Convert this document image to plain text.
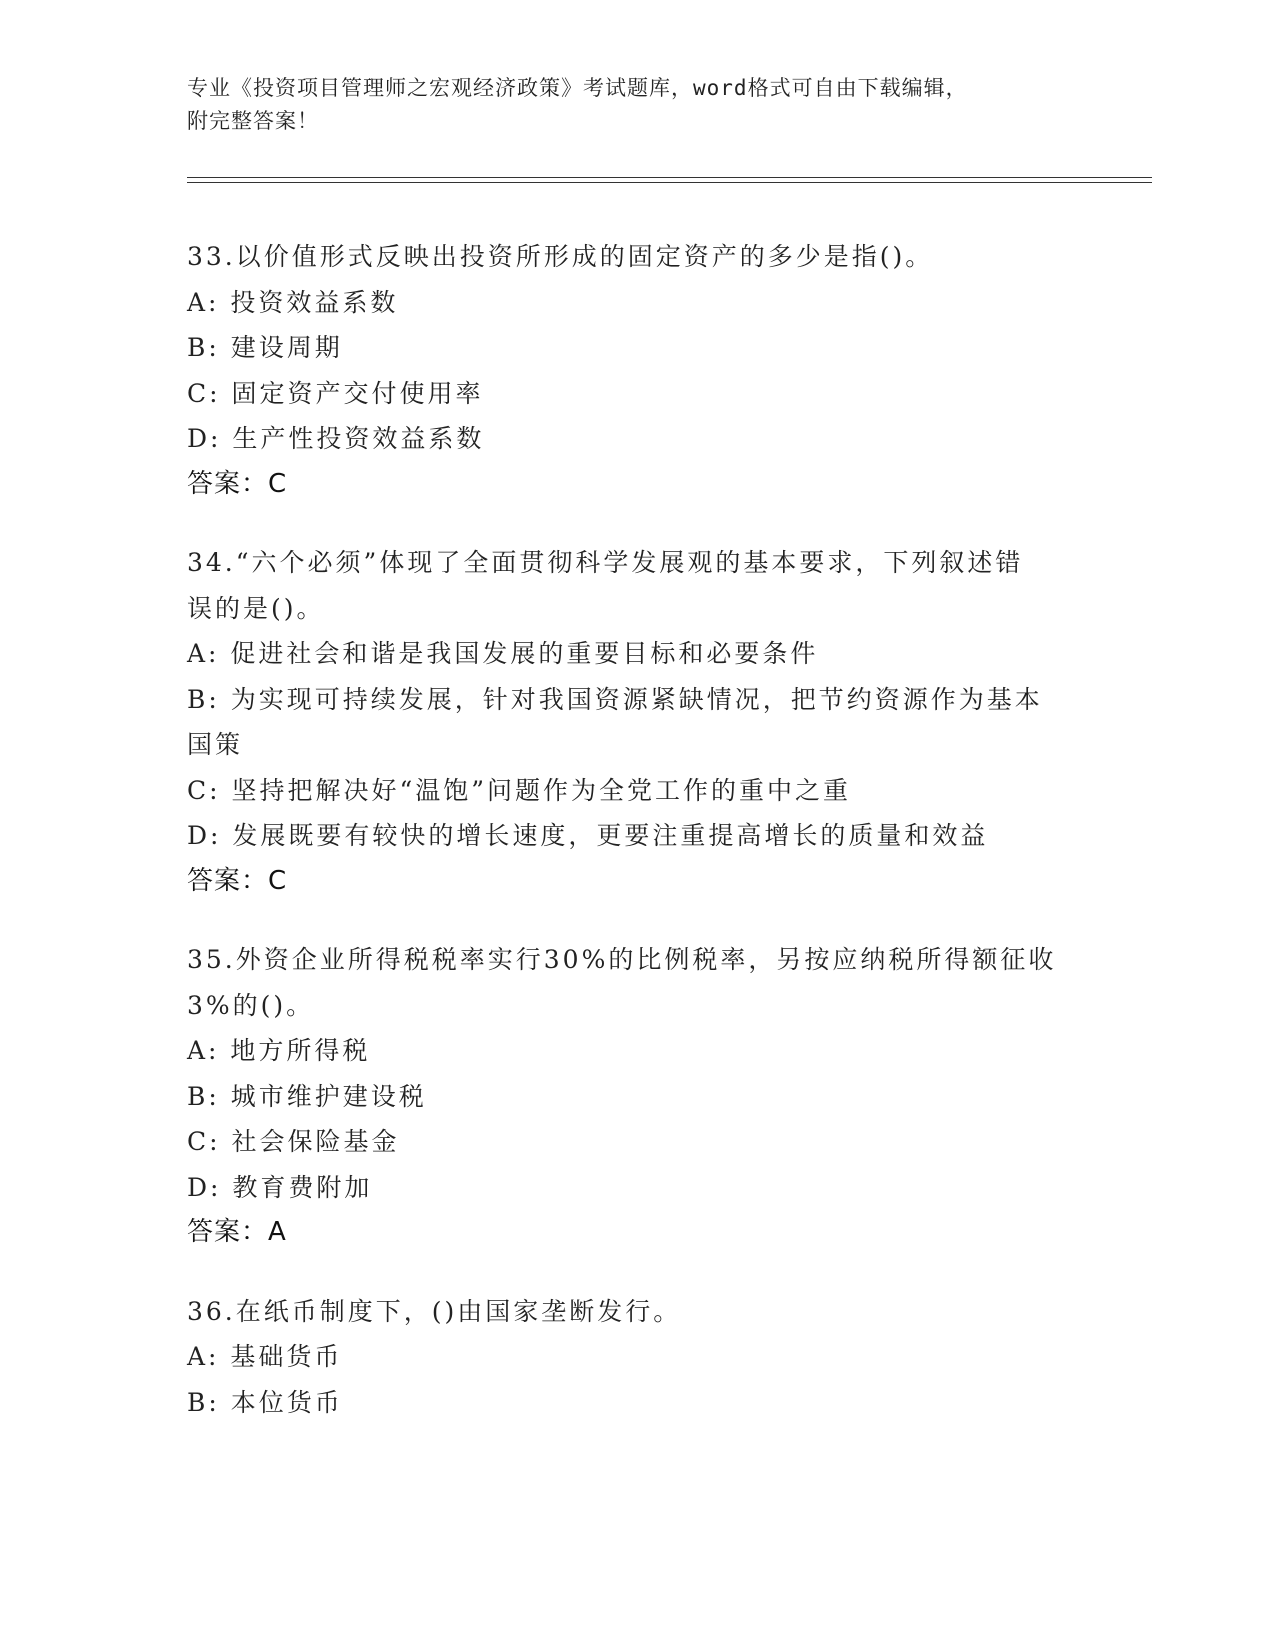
专业《投资项目管理师之宏观经济政策》考试题库，word格式可自由下载编辑，
附完整答案！
33.以价值形式反映出投资所形成的固定资产的多少是指()。
A: 投资效益系数
B: 建设周期
C: 固定资产交付使用率
D: 生产性投资效益系数
答案：C
34.“六个必须”体现了全面贯彻科学发展观的基本要求，下列叙述错
误的是()。
A: 促进社会和谐是我国发展的重要目标和必要条件
B: 为实现可持续发展，针对我国资源紧缺情况，把节约资源作为基本
国策
C: 坚持把解决好“温饱”问题作为全党工作的重中之重
D: 发展既要有较快的增长速度，更要注重提高增长的质量和效益
答案：C
35.外资企业所得税税率实行30%的比例税率，另按应纳税所得额征收
3%的()。
A: 地方所得税
B: 城市维护建设税
C: 社会保险基金
D: 教育费附加
答案：A
36.在纸币制度下，()由国家垄断发行。
A: 基础货币
B: 本位货币
